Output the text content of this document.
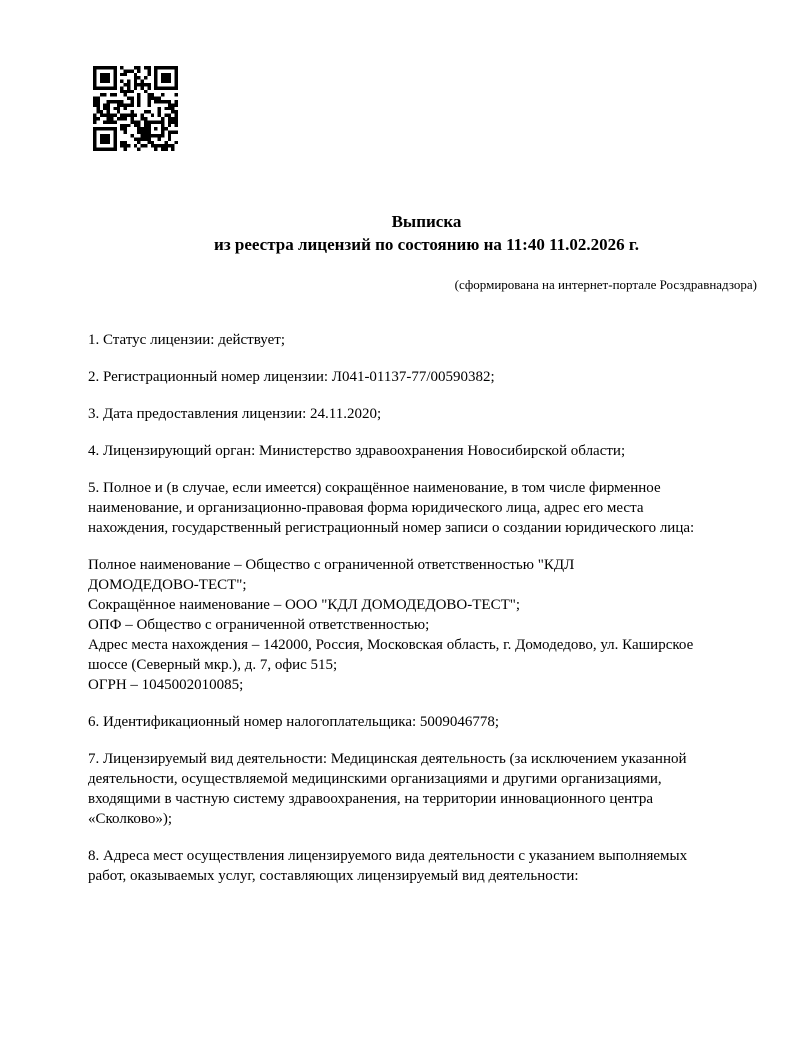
Выписка
из реестра лицензий по состоянию на 11:40 11.02.2026 г.
(сформирована на интернет-портале Росздравнадзора)
1. Статус лицензии: действует;
2. Регистрационный номер лицензии: Л041-01137-77/00590382;
3. Дата предоставления лицензии: 24.11.2020;
4. Лицензирующий орган: Министерство здравоохранения Новосибирской области;
5. Полное и (в случае, если имеется) сокращённое наименование, в том числе фирменное
наименование, и организационно-правовая форма юридического лица, адрес его места
нахождения, государственный регистрационный номер записи о создании юридического лица:
Полное наименование – Общество с ограниченной ответственностью "КДЛ
ДОМОДЕДОВО-ТЕСТ";
Сокращённое наименование – ООО "КДЛ ДОМОДЕДОВО-ТЕСТ";
ОПФ – Общество с ограниченной ответственностью;
Адрес места нахождения – 142000, Россия, Московская область, г. Домодедово, ул. Каширское
шоссе (Северный мкр.), д. 7, офис 515;
ОГРН – 1045002010085;
6. Идентификационный номер налогоплательщика: 5009046778;
7. Лицензируемый вид деятельности: Медицинская деятельность (за исключением указанной
деятельности, осуществляемой медицинскими организациями и другими организациями,
входящими в частную систему здравоохранения, на территории инновационного центра
«Сколково»);
8. Адреса мест осуществления лицензируемого вида деятельности с указанием выполняемых
работ, оказываемых услуг, составляющих лицензируемый вид деятельности:
